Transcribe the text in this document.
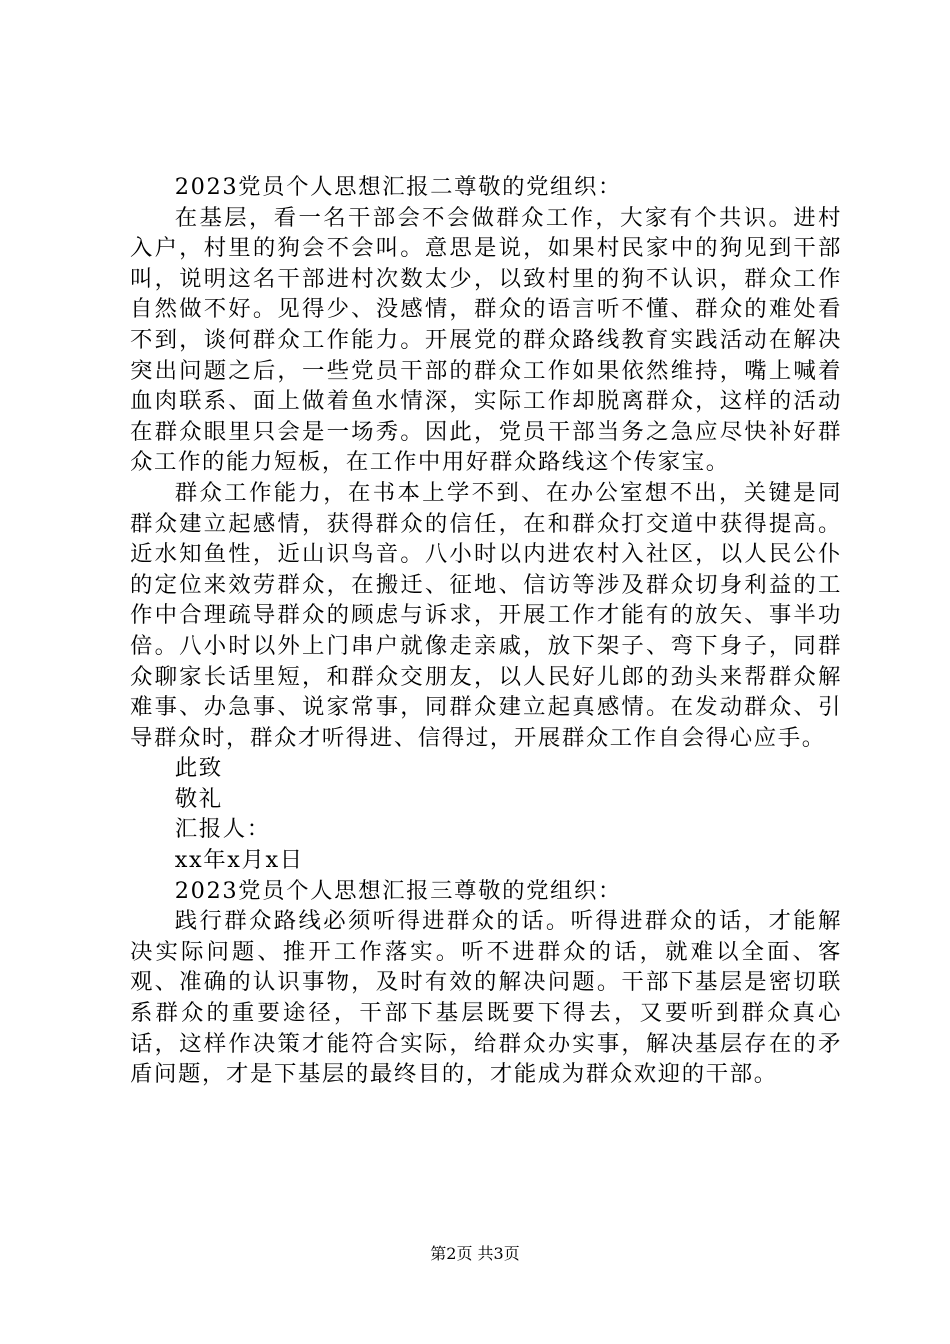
2023党员个人思想汇报二尊敬的党组织：

在基层，看一名干部会不会做群众工作，大家有个共识。进村入户，村里的狗会不会叫。意思是说，如果村民家中的狗见到干部叫，说明这名干部进村次数太少，以致村里的狗不认识，群众工作自然做不好。见得少、没感情，群众的语言听不懂、群众的难处看不到，谈何群众工作能力。开展党的群众路线教育实践活动在解决突出问题之后，一些党员干部的群众工作如果依然维持，嘴上喊着血肉联系、面上做着鱼水情深，实际工作却脱离群众，这样的活动在群众眼里只会是一场秀。因此，党员干部当务之急应尽快补好群众工作的能力短板，在工作中用好群众路线这个传家宝。

群众工作能力，在书本上学不到、在办公室想不出，关键是同群众建立起感情，获得群众的信任，在和群众打交道中获得提高。近水知鱼性，近山识鸟音。八小时以内进农村入社区，以人民公仆的定位来效劳群众，在搬迁、征地、信访等涉及群众切身利益的工作中合理疏导群众的顾虑与诉求，开展工作才能有的放矢、事半功倍。八小时以外上门串户就像走亲戚，放下架子、弯下身子，同群众聊家长话里短，和群众交朋友，以人民好儿郎的劲头来帮群众解难事、办急事、说家常事，同群众建立起真感情。在发动群众、引导群众时，群众才听得进、信得过，开展群众工作自会得心应手。

此致

敬礼

汇报人：

xx年x月x日

2023党员个人思想汇报三尊敬的党组织：

践行群众路线必须听得进群众的话。听得进群众的话，才能解决实际问题、推开工作落实。听不进群众的话，就难以全面、客观、准确的认识事物，及时有效的解决问题。干部下基层是密切联系群众的重要途径，干部下基层既要下得去，又要听到群众真心话，这样作决策才能符合实际，给群众办实事，解决基层存在的矛盾问题，才是下基层的最终目的，才能成为群众欢迎的干部。

第2页 共3页
